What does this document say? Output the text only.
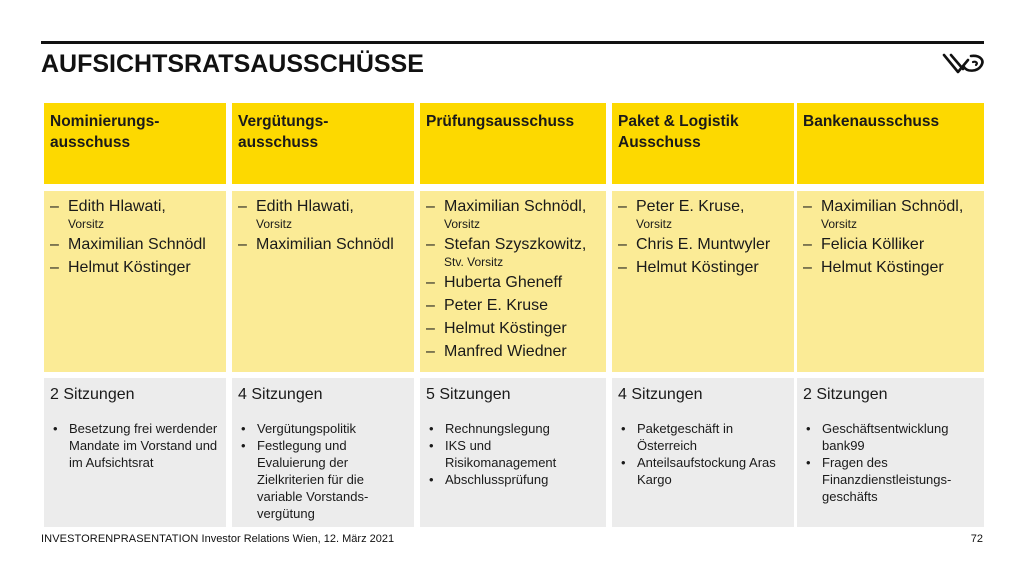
AUFSICHTSRATSAUSSCHÜSSE
Nominierungs-
ausschuss
– Edith Hlawati,
Vorsitz
– Maximilian Schnödl
– Helmut Köstinger
2 Sitzungen
• Besetzung frei werdender Mandate im Vorstand und im Aufsichtsrat
Vergütungs-
ausschuss
– Edith Hlawati,
Vorsitz
– Maximilian Schnödl
4 Sitzungen
• Vergütungspolitik
• Festlegung und Evaluierung der Zielkriterien für die variable Vorstands-vergütung
Prüfungsausschuss
– Maximilian Schnödl,
Vorsitz
– Stefan Szyszkowitz,
Stv. Vorsitz
– Huberta Gheneff
– Peter E. Kruse
– Helmut Köstinger
– Manfred Wiedner
5 Sitzungen
• Rechnungslegung
• IKS und Risikomanagement
• Abschlussprüfung
Paket & Logistik
Ausschuss
– Peter E. Kruse,
Vorsitz
– Chris E. Muntwyler
– Helmut Köstinger
4 Sitzungen
• Paketgeschäft in Österreich
• Anteilsaufstockung Aras Kargo
Bankenausschuss
– Maximilian Schnödl,
Vorsitz
– Felicia Kölliker
– Helmut Köstinger
2 Sitzungen
• Geschäftsentwicklung bank99
• Fragen des Finanzdienstleistungs-geschäfts
INVESTORENPRASENTATION Investor Relations Wien, 12. März 2021	72
